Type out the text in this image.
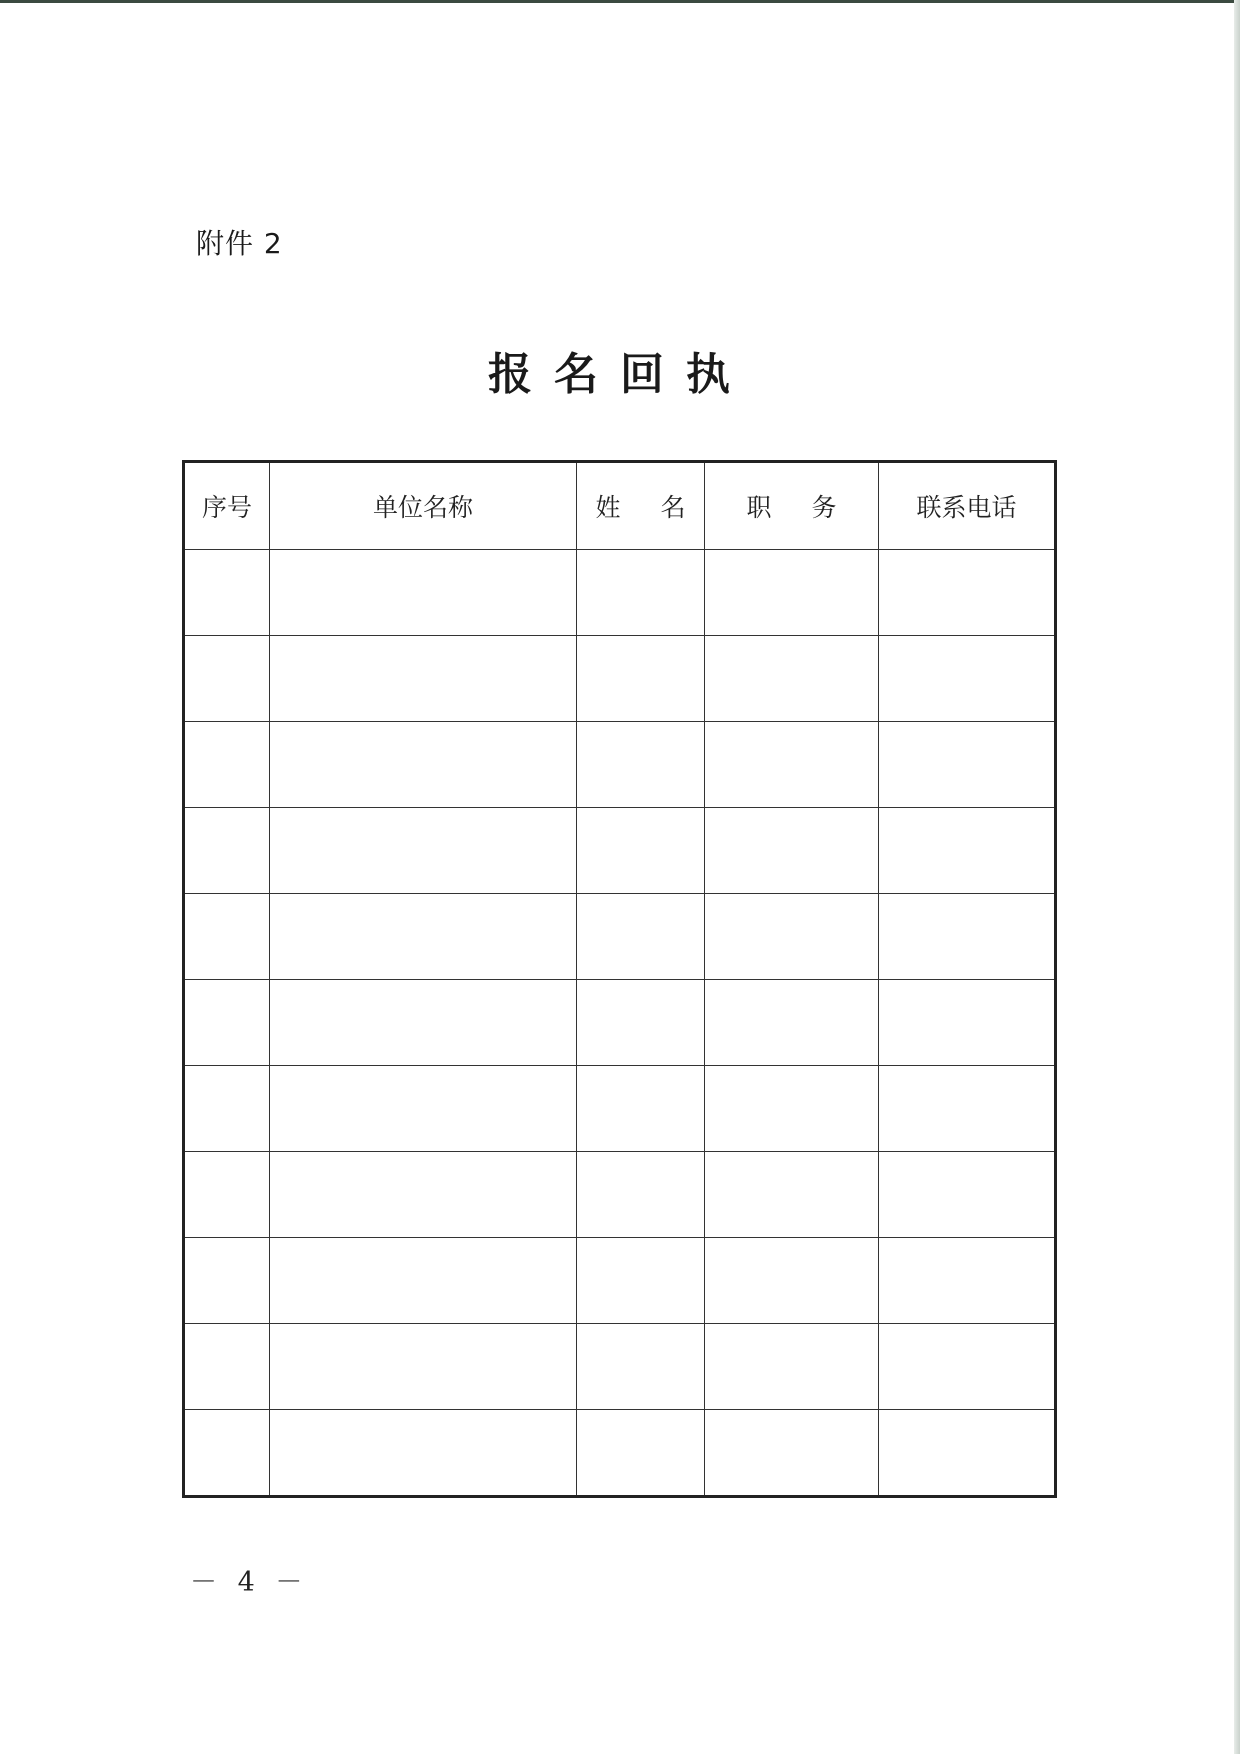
附件 2
报名回执
序号	单位名称	姓 名	职 务	联系电话

－ 4 －
